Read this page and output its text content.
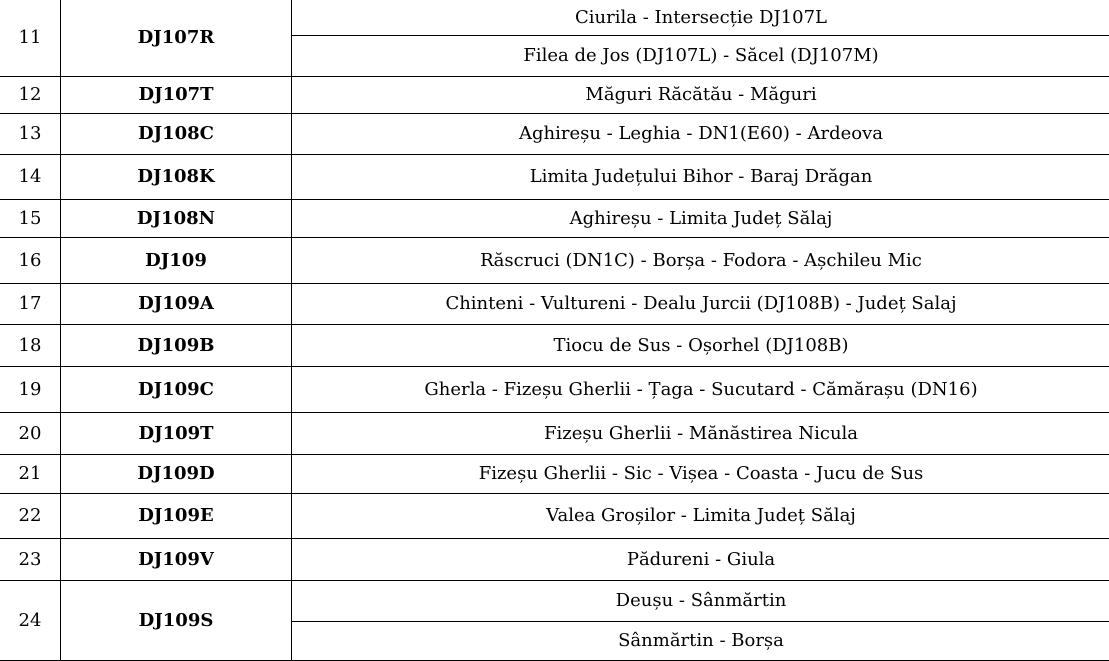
11	DJ107R	Ciurila - Intersecție DJ107L
		Filea de Jos (DJ107L) - Săcel (DJ107M)
12	DJ107T	Măguri Răcătău - Măguri
13	DJ108C	Aghireșu - Leghia - DN1(E60) - Ardeova
14	DJ108K	Limita Județului Bihor - Baraj Drăgan
15	DJ108N	Aghireșu - Limita Județ Sălaj
16	DJ109	Răscruci (DN1C) - Borșa - Fodora - Așchileu Mic
17	DJ109A	Chinteni - Vultureni - Dealu Jurcii (DJ108B) - Județ Salaj
18	DJ109B	Tiocu de Sus - Oșorhel (DJ108B)
19	DJ109C	Gherla - Fizeșu Gherlii - Țaga - Sucutard - Cămărașu (DN16)
20	DJ109T	Fizeșu Gherlii - Mănăstirea Nicula
21	DJ109D	Fizeșu Gherlii - Sic - Vișea - Coasta - Jucu de Sus
22	DJ109E	Valea Groșilor - Limita Județ Sălaj
23	DJ109V	Pădureni - Giula
24	DJ109S	Deușu - Sânmărtin
		Sânmărtin - Borșa
